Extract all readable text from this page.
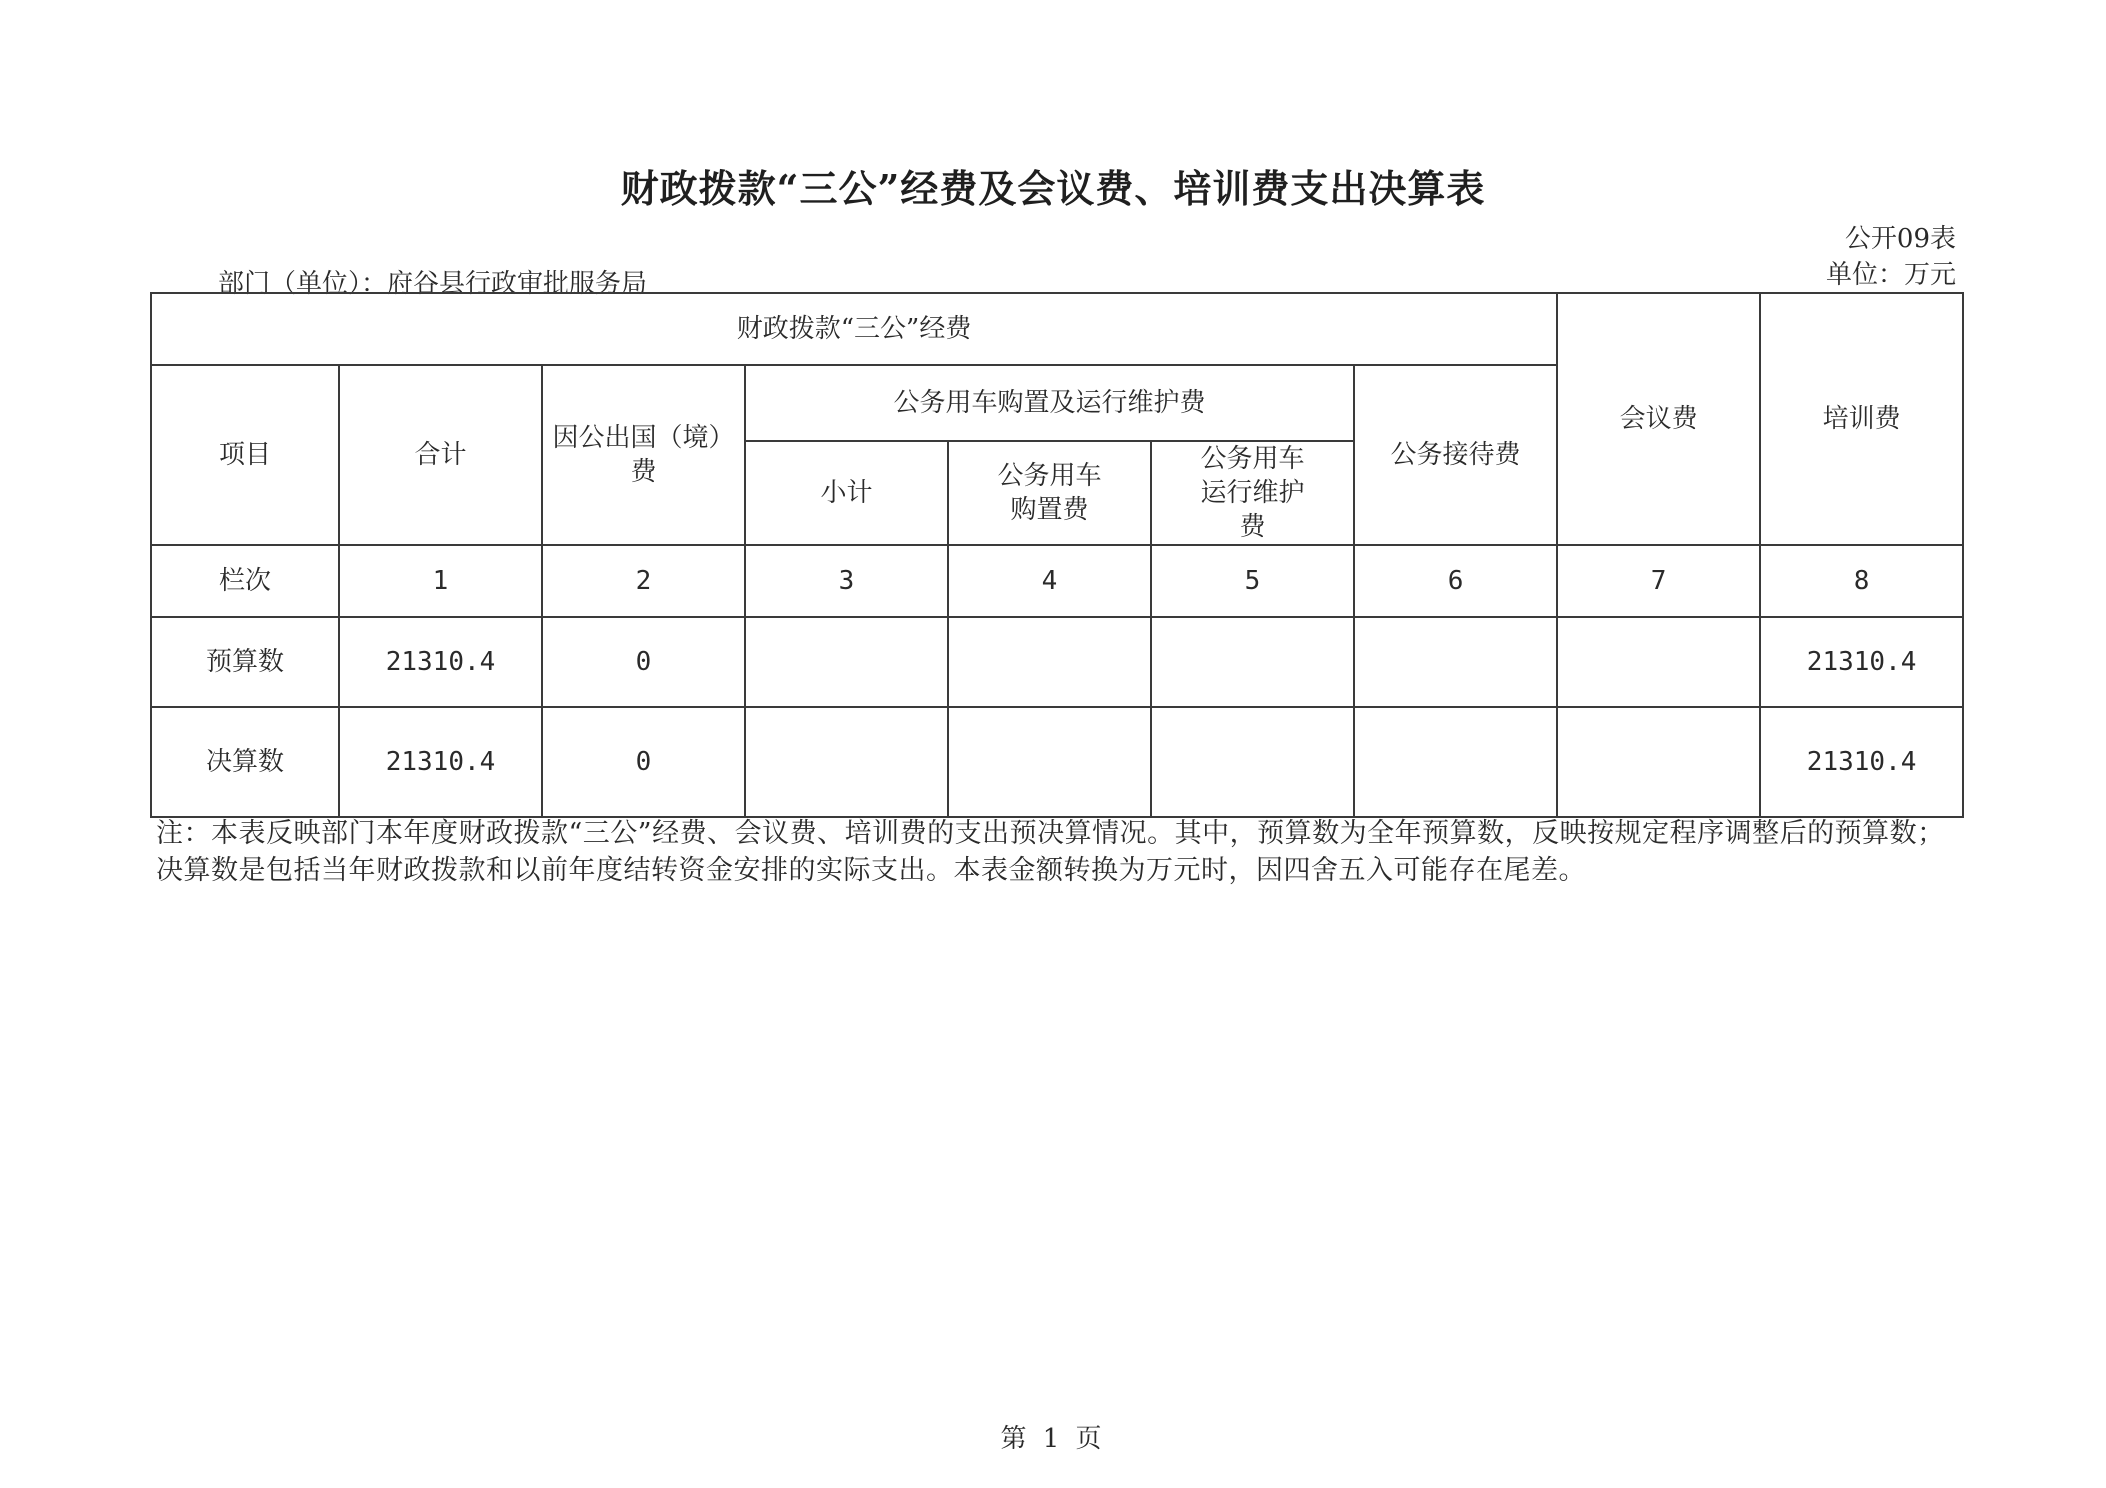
财政拨款“三公”经费及会议费、培训费支出决算表
公开09表
单位：万元
部门（单位）：府谷县行政审批服务局
财政拨款“三公”经费							会议费	培训费
项目	合计	因公出国（境）费	公务用车购置及运行维护费			公务接待费		
			小计	公务用车购置费	公务用车运行维护费			
栏次	1	2	3	4	5	6	7	8
预算数	21310.4	0						21310.4
决算数	21310.4	0						21310.4
注：本表反映部门本年度财政拨款“三公”经费、会议费、培训费的支出预决算情况。其中，预算数为全年预算数，反映按规定程序调整后的预算数；决算数是包括当年财政拨款和以前年度结转资金安排的实际支出。本表金额转换为万元时，因四舍五入可能存在尾差。
第 1 页
